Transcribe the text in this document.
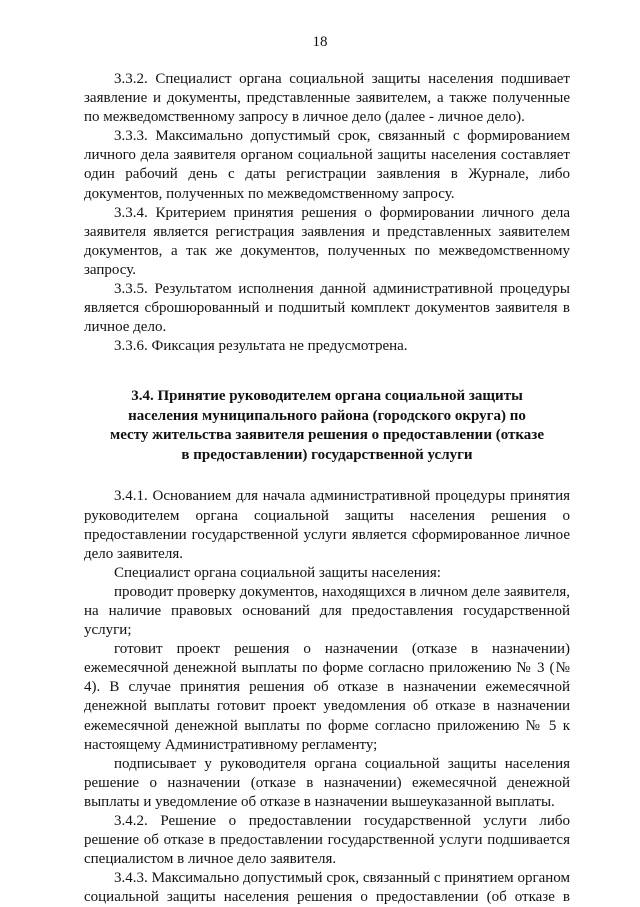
18

3.3.2. Специалист органа социальной защиты населения подшивает заявление и документы, представленные заявителем, а также полученные по межведомственному запросу в личное дело (далее - личное дело).

3.3.3. Максимально допустимый срок, связанный с формированием личного дела заявителя органом социальной защиты населения составляет один рабочий день с даты регистрации заявления в Журнале, либо документов, полученных по межведомственному запросу.

3.3.4. Критерием принятия решения о формировании личного дела заявителя является регистрация заявления и представленных заявителем документов, а так же документов, полученных по межведомственному запросу.

3.3.5. Результатом исполнения данной административной процедуры является сброшюрованный и подшитый комплект документов заявителя в личное дело.

3.3.6. Фиксация результата не предусмотрена.

3.4. Принятие руководителем органа социальной защиты населения муниципального района (городского округа) по месту жительства заявителя решения о предоставлении (отказе в предоставлении) государственной услуги

3.4.1. Основанием для начала административной процедуры принятия руководителем органа социальной защиты населения решения о предоставлении государственной услуги является сформированное личное дело заявителя.

Специалист органа социальной защиты населения:

проводит проверку документов, находящихся в личном деле заявителя, на наличие правовых оснований для предоставления государственной услуги;

готовит проект решения о назначении (отказе в назначении) ежемесячной денежной выплаты по форме согласно приложению № 3 (№ 4). В случае принятия решения об отказе в назначении ежемесячной денежной выплаты готовит проект уведомления об отказе в назначении ежемесячной денежной выплаты по форме согласно приложению № 5 к настоящему Административному регламенту;

подписывает у руководителя органа социальной защиты населения решение о назначении (отказе в назначении) ежемесячной денежной выплаты и уведомление об отказе в назначении вышеуказанной выплаты.

3.4.2. Решение о предоставлении государственной услуги либо решение об отказе в предоставлении государственной услуги подшивается специалистом в личное дело заявителя.

3.4.3. Максимально допустимый срок, связанный с принятием органом социальной защиты населения решения о предоставлении (об отказе в
